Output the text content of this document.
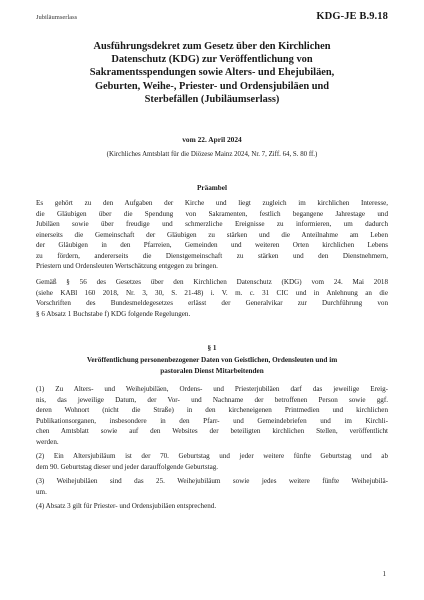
Jubiläumserlass	KDG-JE B.9.18
Ausführungsdekret zum Gesetz über den Kirchlichen
Datenschutz (KDG) zur Veröffentlichung von
Sakramentsspendungen sowie Alters- und Ehejubiläen,
Geburten, Weihe-, Priester- und Ordensjubiläen und
Sterbefällen (Jubiläumserlass)
vom 22. April 2024
(Kirchliches Amtsblatt für die Diözese Mainz 2024, Nr. 7, Ziff. 64, S. 80 ff.)
Präambel
Es gehört zu den Aufgaben der Kirche und liegt zugleich im kirchlichen Interesse,
die Gläubigen über die Spendung von Sakramenten, festlich begangene Jahrestage und
Jubiläen sowie über freudige und schmerzliche Ereignisse zu informieren, um dadurch
einerseits die Gemeinschaft der Gläubigen zu stärken und die Anteilnahme am Leben
der Gläubigen in den Pfarreien, Gemeinden und weiteren Orten kirchlichen Lebens
zu fördern, andererseits die Dienstgemeinschaft zu stärken und den Dienstnehmern,
Priestern und Ordensleuten Wertschätzung entgegen zu bringen.
Gemäß § 56 des Gesetzes über den Kirchlichen Datenschutz (KDG) vom 24. Mai 2018
(siehe KABl 160 2018, Nr. 3, 30, S. 21-48) i. V. m. c. 31 CIC und in Anlehnung an die
Vorschriften des Bundesmeldegesetzes erlässt der Generalvikar zur Durchführung von
§ 6 Absatz 1 Buchstabe f) KDG folgende Regelungen.
§ 1
Veröffentlichung personenbezogener Daten von Geistlichen, Ordensleuten und im
pastoralen Dienst Mitarbeitenden
(1) Zu Alters- und Weihejubiläen, Ordens- und Priesterjubiläen darf das jeweilige Ereig-
nis, das jeweilige Datum, der Vor- und Nachname der betroffenen Person sowie ggf.
deren Wohnort (nicht die Straße) in den kircheneigenen Printmedien und kirchlichen
Publikationsorganen, insbesondere in den Pfarr- und Gemeindebriefen und im Kirchli-
chen Amtsblatt sowie auf den Websites der beteiligten kirchlichen Stellen, veröffentlicht
werden.
(2) Ein Altersjubiläum ist der 70. Geburtstag und jeder weitere fünfte Geburtstag und ab
dem 90. Geburtstag dieser und jeder darauffolgende Geburtstag.
(3) Weihejubiläen sind das 25. Weihejubiläum sowie jedes weitere fünfte Weihejubilä-
um.
(4) Absatz 3 gilt für Priester- und Ordensjubiläen entsprechend.
1
